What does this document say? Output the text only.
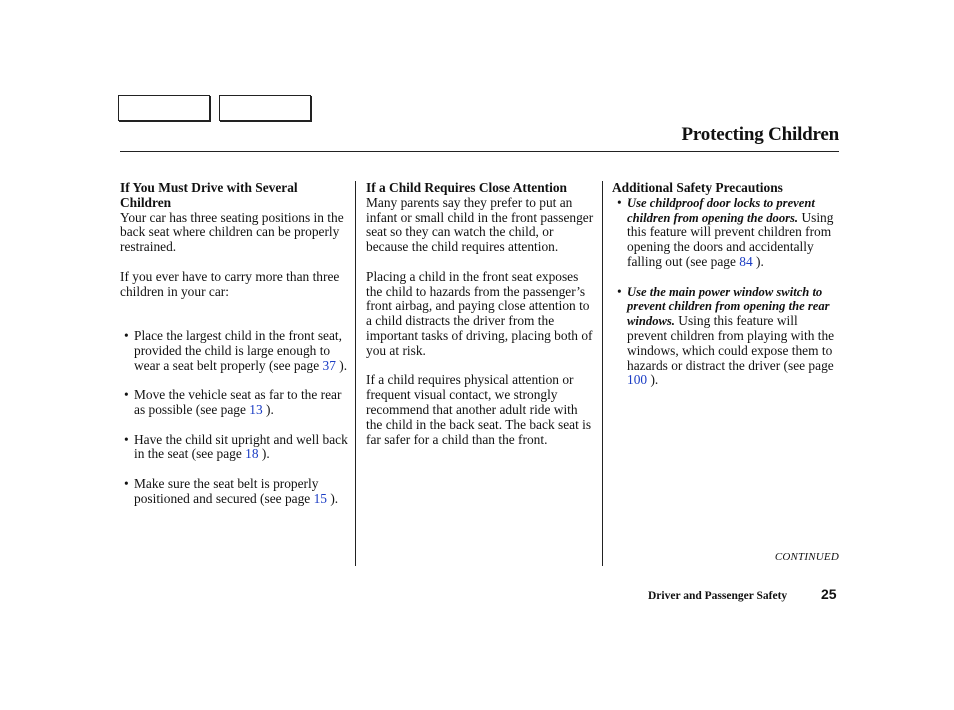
Protecting Children
If You Must Drive with Several Children

Your car has three seating positions in the back seat where children can be properly restrained.

If you ever have to carry more than three children in your car:

• Place the largest child in the front seat, provided the child is large enough to wear a seat belt properly (see page 37 ).
• Move the vehicle seat as far to the rear as possible (see page 13 ).
• Have the child sit upright and well back in the seat (see page 18 ).
• Make sure the seat belt is properly positioned and secured (see page 15 ).
If a Child Requires Close Attention

Many parents say they prefer to put an infant or small child in the front passenger seat so they can watch the child, or because the child requires attention.

Placing a child in the front seat exposes the child to hazards from the passenger’s front airbag, and paying close attention to a child distracts the driver from the important tasks of driving, placing both of you at risk.

If a child requires physical attention or frequent visual contact, we strongly recommend that another adult ride with the child in the back seat. The back seat is far safer for a child than the front.

Additional Safety Precautions
• Use childproof door locks to prevent children from opening the doors. Using this feature will prevent children from opening the doors and accidentally falling out (see page 84 ).
• Use the main power window switch to prevent children from opening the rear windows. Using this feature will prevent children from playing with the windows, which could expose them to hazards or distract the driver (see page 100 ).
CONTINUED
Driver and Passenger Safety 25
